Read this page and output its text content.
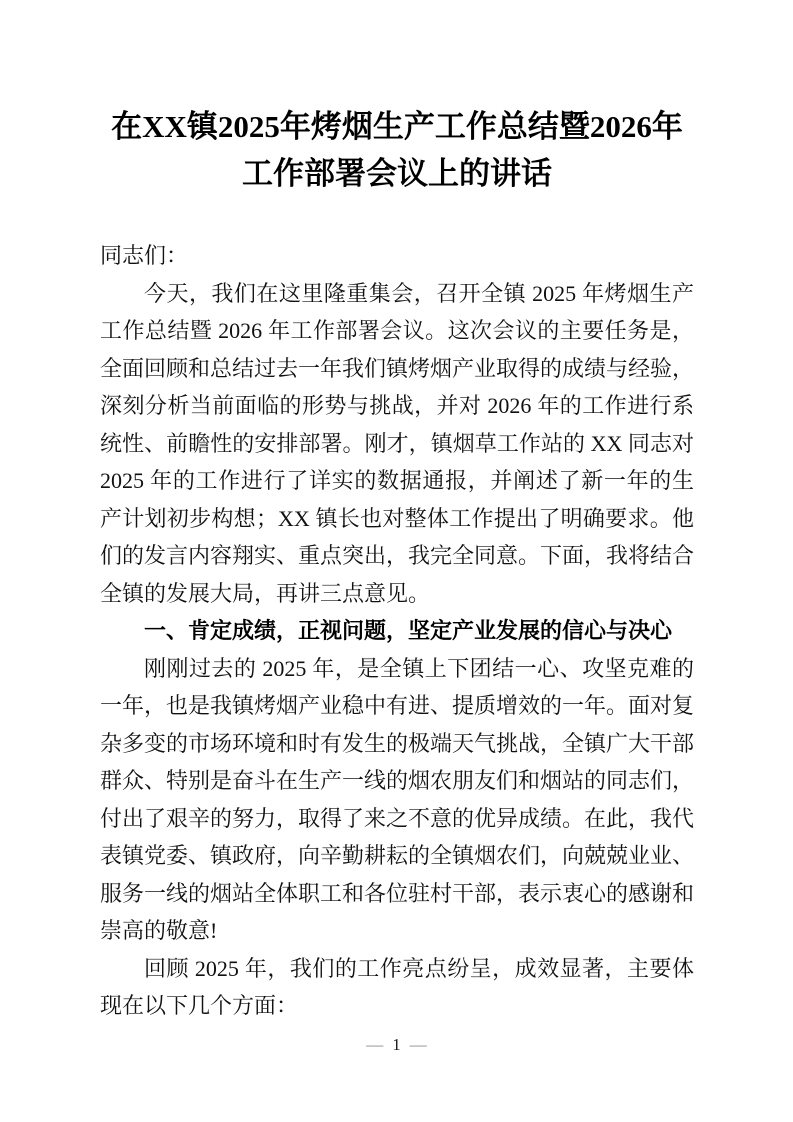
在XX镇2025年烤烟生产工作总结暨2026年工作部署会议上的讲话

同志们：

今天，我们在这里隆重集会，召开全镇 2025 年烤烟生产工作总结暨 2026 年工作部署会议。这次会议的主要任务是，全面回顾和总结过去一年我们镇烤烟产业取得的成绩与经验，深刻分析当前面临的形势与挑战，并对 2026 年的工作进行系统性、前瞻性的安排部署。刚才，镇烟草工作站的 XX 同志对 2025 年的工作进行了详实的数据通报，并阐述了新一年的生产计划初步构想；XX 镇长也对整体工作提出了明确要求。他们的发言内容翔实、重点突出，我完全同意。下面，我将结合全镇的发展大局，再讲三点意见。

一、肯定成绩，正视问题，坚定产业发展的信心与决心

刚刚过去的 2025 年，是全镇上下团结一心、攻坚克难的一年，也是我镇烤烟产业稳中有进、提质增效的一年。面对复杂多变的市场环境和时有发生的极端天气挑战，全镇广大干部群众、特别是奋斗在生产一线的烟农朋友们和烟站的同志们，付出了艰辛的努力，取得了来之不意的优异成绩。在此，我代表镇党委、镇政府，向辛勤耕耘的全镇烟农们，向兢兢业业、服务一线的烟站全体职工和各位驻村干部，表示衷心的感谢和崇高的敬意!

回顾 2025 年，我们的工作亮点纷呈，成效显著，主要体现在以下几个方面：

— 1 —
